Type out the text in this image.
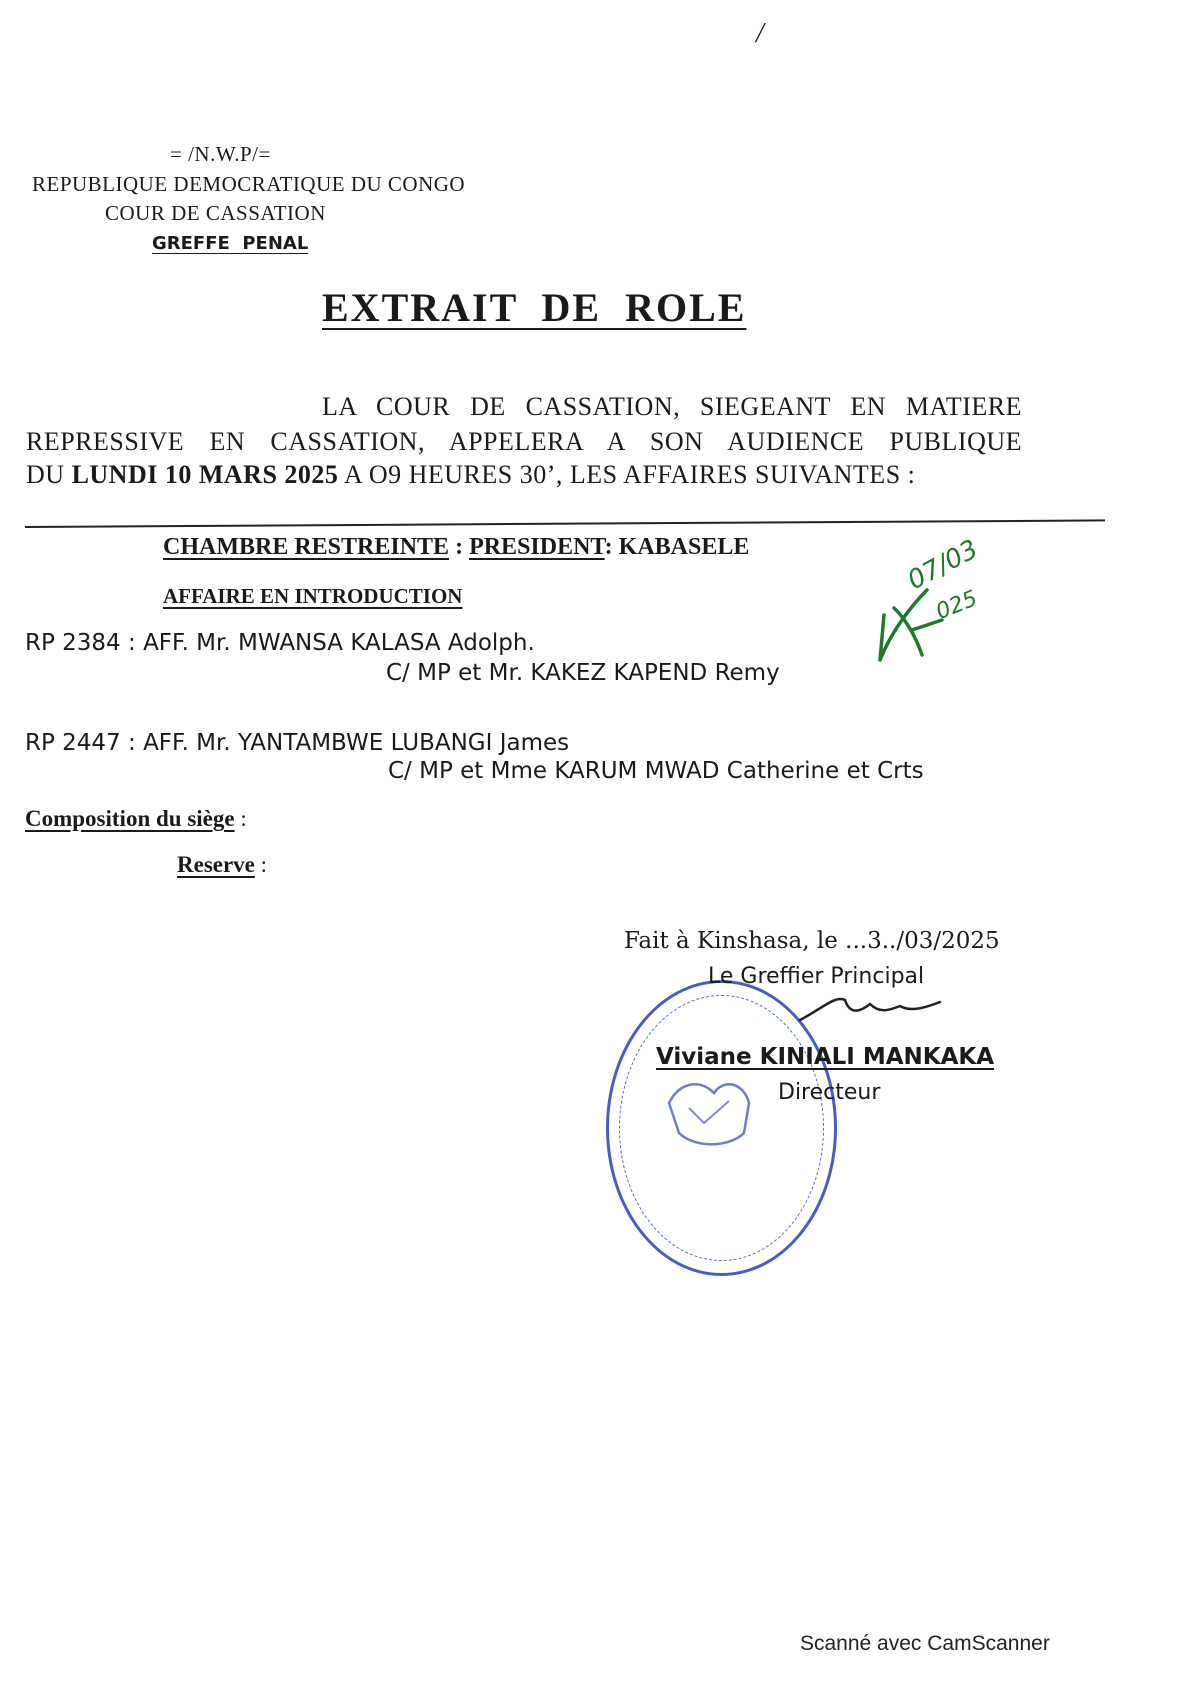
/
= /N.W.P/=
REPUBLIQUE DEMOCRATIQUE DU CONGO
COUR DE CASSATION
GREFFE  PENAL
EXTRAIT  DE  ROLE
LA COUR DE CASSATION, SIEGEANT EN MATIERE
REPRESSIVE EN CASSATION, APPELERA A SON AUDIENCE PUBLIQUE
DU LUNDI 10 MARS 2025 A O9 HEURES 30’, LES AFFAIRES SUIVANTES :
CHAMBRE RESTREINTE : PRESIDENT: KABASELE
AFFAIRE EN INTRODUCTION
RP 2384 : AFF. Mr. MWANSA KALASA Adolph.
C/ MP et Mr. KAKEZ KAPEND Remy
RP 2447 : AFF. Mr. YANTAMBWE LUBANGI James
C/ MP et Mme KARUM MWAD Catherine et Crts
Composition du siège :
Reserve :
07/03
025
Fait à Kinshasa, le ...3../03/2025
Le Greffier Principal
Viviane KINIALI MANKAKA
Directeur
Scanné avec CamScanner
